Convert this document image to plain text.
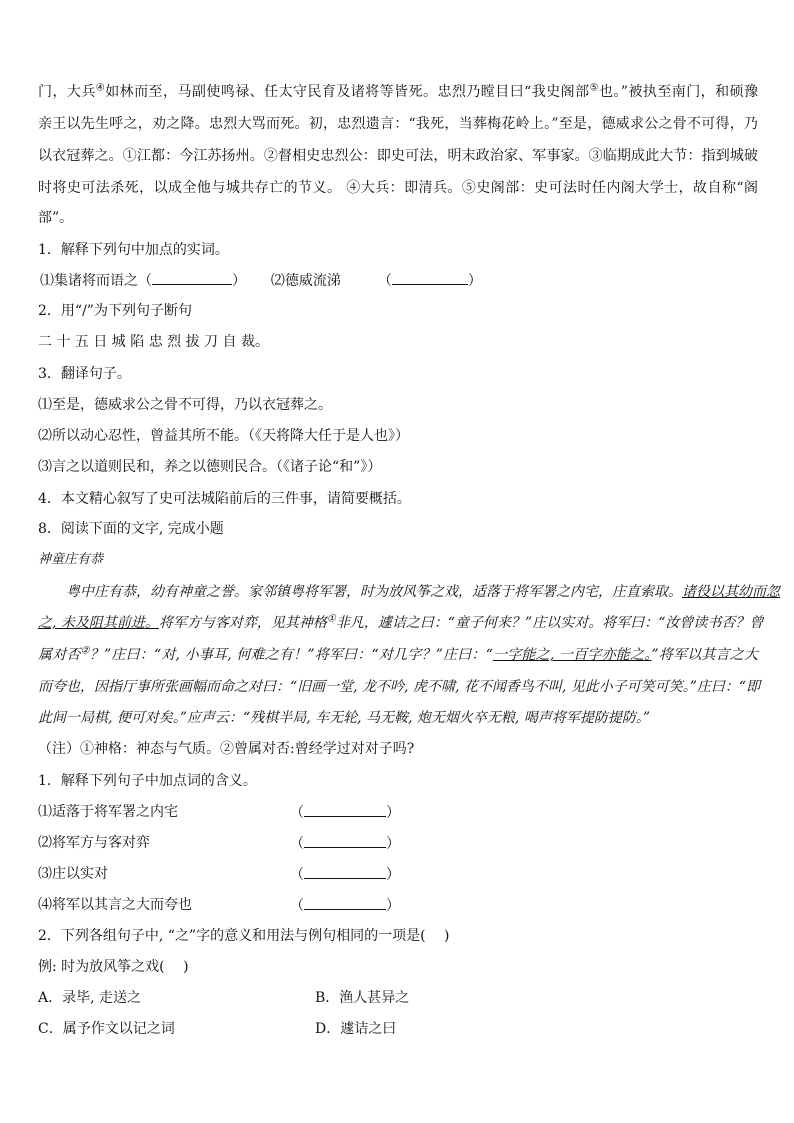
门，大兵④如林而至，马副使鸣禄、任太守民育及诸将等皆死。忠烈乃瞠目曰“我史阁部⑤也。”被执至南门，和硕豫
亲王以先生呼之，劝之降。忠烈大骂而死。初，忠烈遗言：“我死，当葬梅花岭上。”至是，德威求公之骨不可得，乃
以衣冠葬之。①江都：今江苏扬州。②督相史忠烈公：即史可法，明末政治家、军事家。③临期成此大节：指到城破
时将史可法杀死，以成全他与城共存亡的节义。 ④大兵：即清兵。⑤史阁部：史可法时任内阁大学士，故自称“阁
部”。
1．解释下列句中加点的实词。
⑴集诸将而语之（	） ⑵德威流涕	（	）
2．用“/”为下列句子断句
二 十 五 日 城 陷 忠 烈 拔 刀 自 裁。
3．翻译句子。
⑴至是，德威求公之骨不可得，乃以衣冠葬之。
⑵所以动心忍性，曾益其所不能。（《天将降大任于是人也》）
⑶言之以道则民和，养之以德则民合。（《诸子论“和”》）
4．本文精心叙写了史可法城陷前后的三件事，请简要概括。
8．阅读下面的文字, 完成小题
神童庄有恭
粤中庄有恭，幼有神童之誉。家邻镇粤将军署，时为放风筝之戏，适落于将军署之内宅，庄直索取。诸役以其幼而忽
之, 未及阻其前进。将军方与客对弈，见其神格①非凡，遽诘之曰：“童子何来？”庄以实对。将军曰：“汝曾读书否？曾
属对否②？”庄曰：“对, 小事耳, 何难之有！”将军曰：“对几字？”庄曰：“一字能之, 一百字亦能之。”将军以其言之大
而夸也，因指厅事所张画幅而命之对曰：“旧画一堂, 龙不吟, 虎不啸, 花不闻香鸟不叫, 见此小子可笑可笑。”庄曰：“即
此间一局棋, 便可对矣。”应声云：“残棋半局, 车无轮, 马无鞍, 炮无烟火卒无粮, 喝声将军提防提防。”
（注）①神格：神态与气质。②曾属对否:曾经学过对对子吗?
1．解释下列句子中加点词的含义。
⑴适落于将军署之内宅	（	）
⑵将军方与客对弈	（	）
⑶庄以实对	（	）
⑷将军以其言之大而夸也	（	）
2．下列各组句子中, “之”字的意义和用法与例句相同的一项是(　 )
例: 时为放风筝之戏(　 )
A．录毕, 走送之	B．渔人甚异之
C．属予作文以记之词	D．遽诘之曰
